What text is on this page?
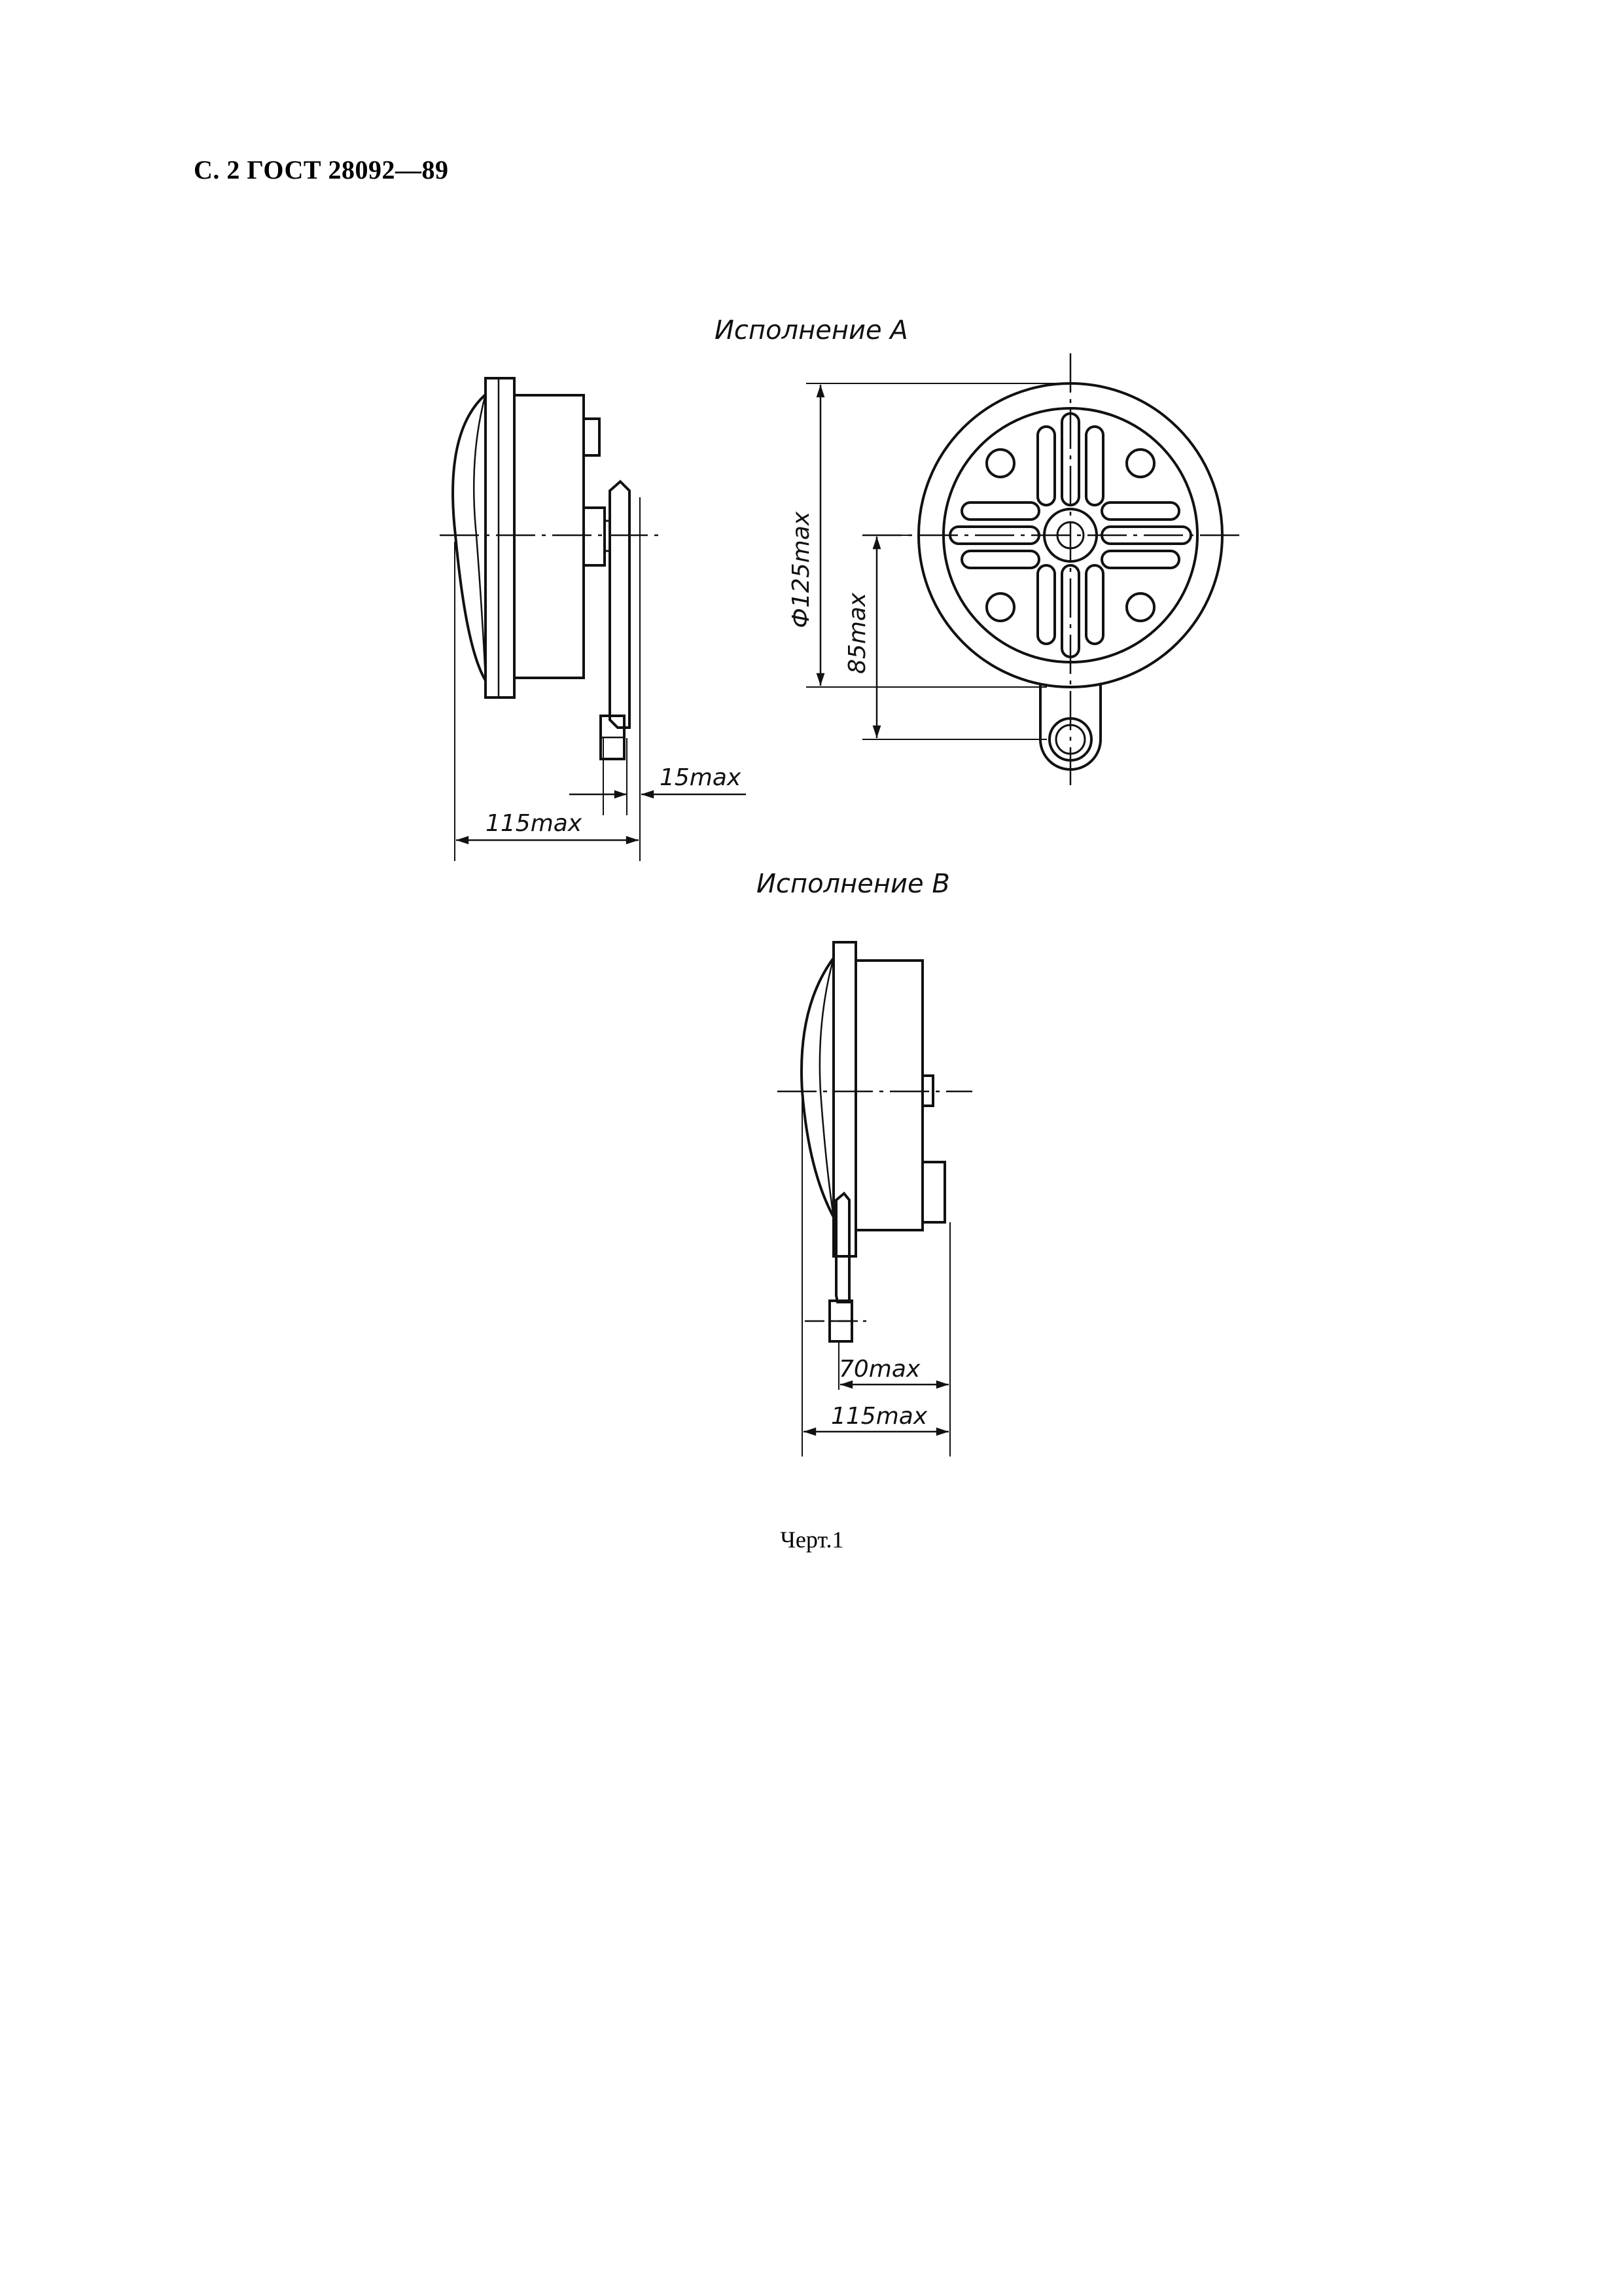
С. 2 ГОСТ 28092—89
Исполнение А
115max
15max
Ф125max
85max
Исполнение В
70max
115max
Черт.1
